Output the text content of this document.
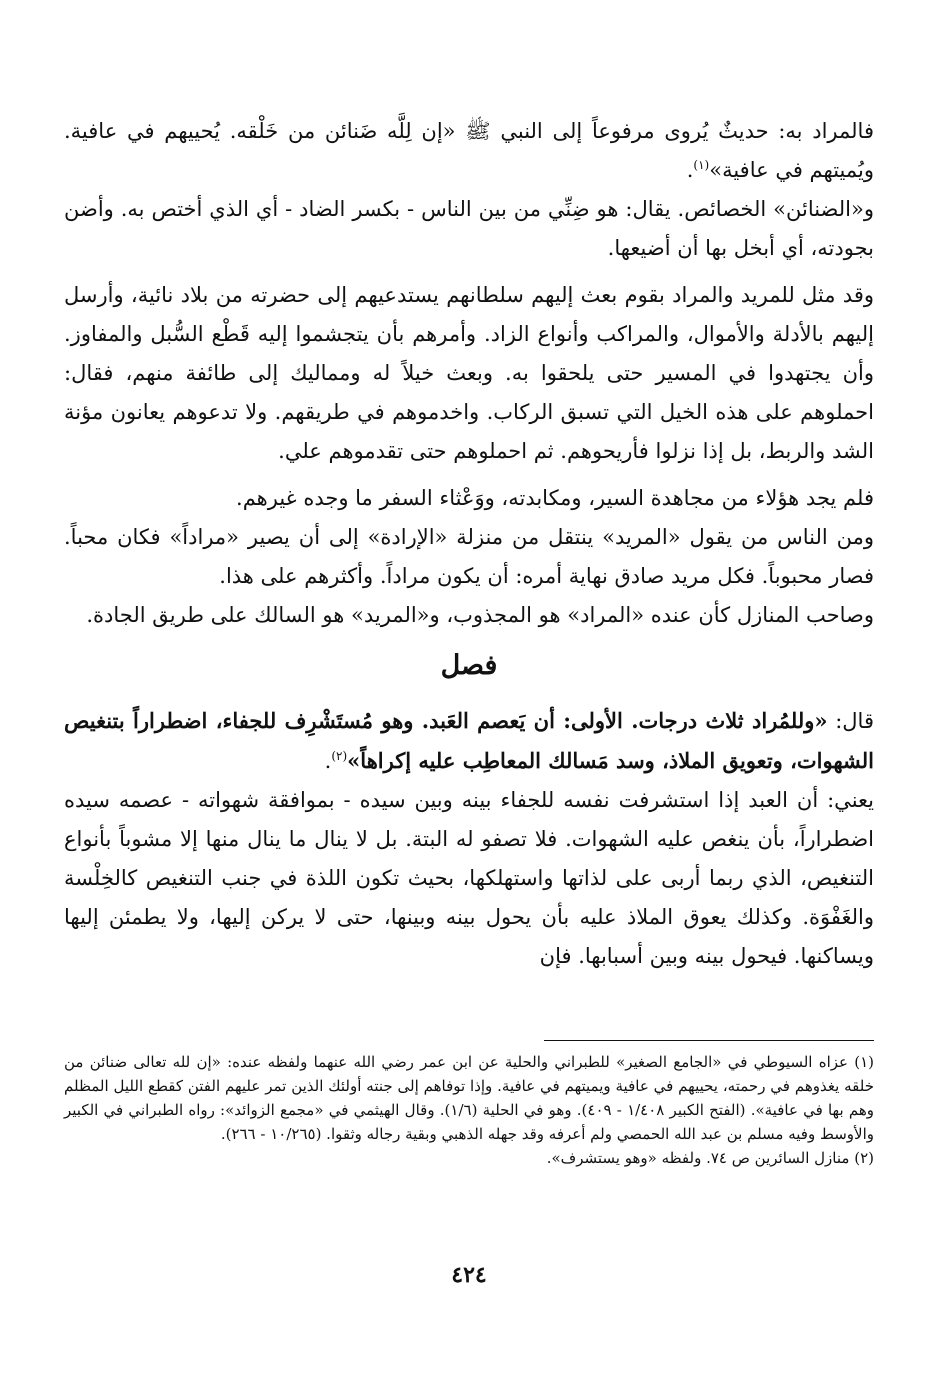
فالمراد به: حديثٌ يُروى مرفوعاً إلى النبي ﷺ «إن لِلَّه ضَنائن من خَلْقه. يُحييهم في عافية. ويُميتهم في عافية»$^{(١)}$.

و«الضنائن» الخصائص. يقال: هو ضِنِّي من بين الناس - بكسر الضاد - أي الذي أختص به. وأضن بجودته، أي أبخل بها أن أضيعها.

وقد مثل للمريد والمراد بقوم بعث إليهم سلطانهم يستدعيهم إلى حضرته من بلاد نائية، وأرسل إليهم بالأدلة والأموال، والمراكب وأنواع الزاد. وأمرهم بأن يتجشموا إليه قَطْع السُّبل والمفاوز. وأن يجتهدوا في المسير حتى يلحقوا به. وبعث خيلاً له ومماليك إلى طائفة منهم، فقال: احملوهم على هذه الخيل التي تسبق الركاب. واخدموهم في طريقهم. ولا تدعوهم يعانون مؤنة الشد والربط، بل إذا نزلوا فأريحوهم. ثم احملوهم حتى تقدموهم علي.

فلم يجد هؤلاء من مجاهدة السير، ومكابدته، ووَعْثاء السفر ما وجده غيرهم.

ومن الناس من يقول «المريد» ينتقل من منزلة «الإرادة» إلى أن يصير «مراداً» فكان محباً. فصار محبوباً. فكل مريد صادق نهاية أمره: أن يكون مراداً. وأكثرهم على هذا.

وصاحب المنازل كأن عنده «المراد» هو المجذوب، و«المريد» هو السالك على طريق الجادة.

فصل

قال: «وللمُراد ثلاث درجات. الأولى: أن يَعصم العَبد. وهو مُستَشْرِف للجفاء، اضطراراً بتنغيص الشهوات، وتعويق الملاذ، وسد مَسالك المعاطِب عليه إكراهاً»$^{(٢)}$.

يعني: أن العبد إذا استشرفت نفسه للجفاء بينه وبين سيده - بموافقة شهواته - عصمه سيده اضطراراً، بأن ينغص عليه الشهوات. فلا تصفو له البتة. بل لا ينال ما ينال منها إلا مشوباً بأنواع التنغيص، الذي ربما أربى على لذاتها واستهلكها، بحيث تكون اللذة في جنب التنغيص كالخِلْسة والغَفْوَة. وكذلك يعوق الملاذ عليه بأن يحول بينه وبينها، حتى لا يركن إليها، ولا يطمئن إليها ويساكنها. فيحول بينه وبين أسبابها. فإن

(١) عزاه السيوطي في «الجامع الصغير» للطبراني والحلية عن ابن عمر رضي الله عنهما ولفظه عنده: «إن لله تعالى ضنائن من خلقه يغذوهم في رحمته، يحييهم في عافية ويميتهم في عافية. وإذا توفاهم إلى جنته أولئك الذين تمر عليهم الفتن كقطع الليل المظلم وهم بها في عافية». (الفتح الكبير ١/٤٠٨ - ٤٠٩). وهو في الحلية (١/٦). وقال الهيثمي في «مجمع الزوائد»: رواه الطبراني في الكبير والأوسط وفيه مسلم بن عبد الله الحمصي ولم أعرفه وقد جهله الذهبي وبقية رجاله وثقوا. (١٠/٢٦٥ - ٢٦٦).

(٢) منازل السائرين ص ٧٤. ولفظه «وهو يستشرف».

٤٢٤
